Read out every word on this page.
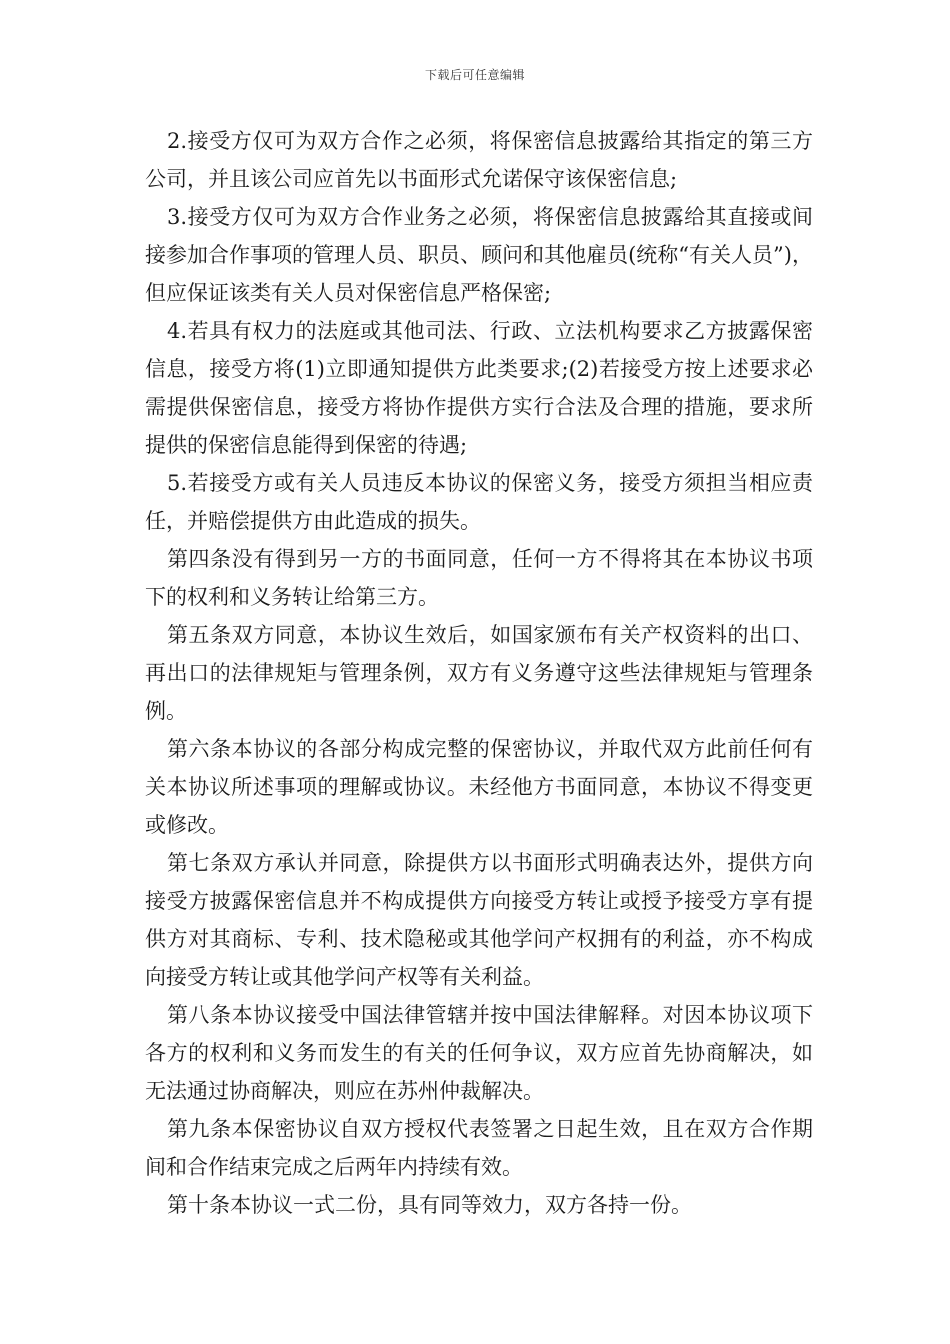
下载后可任意编辑

2.接受方仅可为双方合作之必须，将保密信息披露给其指定的第三方公司，并且该公司应首先以书面形式允诺保守该保密信息;

3.接受方仅可为双方合作业务之必须，将保密信息披露给其直接或间接参加合作事项的管理人员、职员、顾问和其他雇员(统称“有关人员”)，但应保证该类有关人员对保密信息严格保密;

4.若具有权力的法庭或其他司法、行政、立法机构要求乙方披露保密信息，接受方将(1)立即通知提供方此类要求;(2)若接受方按上述要求必需提供保密信息，接受方将协作提供方实行合法及合理的措施，要求所提供的保密信息能得到保密的待遇;

5.若接受方或有关人员违反本协议的保密义务，接受方须担当相应责任，并赔偿提供方由此造成的损失。

第四条没有得到另一方的书面同意，任何一方不得将其在本协议书项下的权利和义务转让给第三方。

第五条双方同意，本协议生效后，如国家颁布有关产权资料的出口、再出口的法律规矩与管理条例，双方有义务遵守这些法律规矩与管理条例。

第六条本协议的各部分构成完整的保密协议，并取代双方此前任何有关本协议所述事项的理解或协议。未经他方书面同意，本协议不得变更或修改。

第七条双方承认并同意，除提供方以书面形式明确表达外，提供方向接受方披露保密信息并不构成提供方向接受方转让或授予接受方享有提供方对其商标、专利、技术隐秘或其他学问产权拥有的利益，亦不构成向接受方转让或其他学问产权等有关利益。

第八条本协议接受中国法律管辖并按中国法律解释。对因本协议项下各方的权利和义务而发生的有关的任何争议，双方应首先协商解决，如无法通过协商解决，则应在苏州仲裁解决。

第九条本保密协议自双方授权代表签署之日起生效，且在双方合作期间和合作结束完成之后两年内持续有效。

第十条本协议一式二份，具有同等效力，双方各持一份。
